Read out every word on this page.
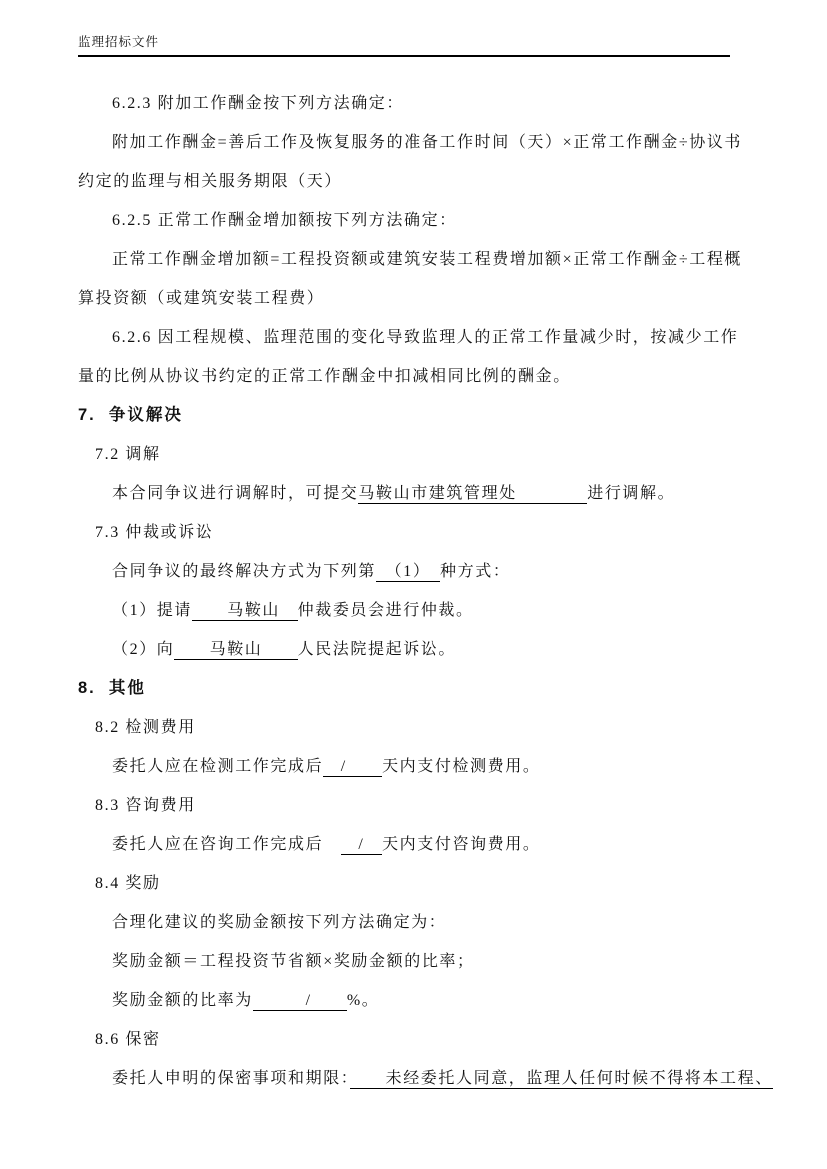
监理招标文件
6.2.3 附加工作酬金按下列方法确定：
附加工作酬金=善后工作及恢复服务的准备工作时间（天）×正常工作酬金÷协议书
约定的监理与相关服务期限（天）
6.2.5 正常工作酬金增加额按下列方法确定：
正常工作酬金增加额=工程投资额或建筑安装工程费增加额×正常工作酬金÷工程概
算投资额（或建筑安装工程费）
6.2.6 因工程规模、监理范围的变化导致监理人的正常工作量减少时，按减少工作
量的比例从协议书约定的正常工作酬金中扣减相同比例的酬金。
7.  争议解决
7.2 调解
本合同争议进行调解时，可提交马鞍山市建筑管理处　　　　进行调解。
7.3 仲裁或诉讼
合同争议的最终解决方式为下列第　（1）　种方式：
（1）提请　　马鞍山　仲裁委员会进行仲裁。
（2）向　　马鞍山　　人民法院提起诉讼。
8.  其他
8.2 检测费用
委托人应在检测工作完成后　/　　天内支付检测费用。
8.3 咨询费用
委托人应在咨询工作完成后　　/　天内支付咨询费用。
8.4 奖励
合理化建议的奖励金额按下列方法确定为：
奖励金额＝工程投资节省额×奖励金额的比率；
奖励金额的比率为　　　/　　%。
8.6 保密
委托人申明的保密事项和期限：　　未经委托人同意，监理人任何时候不得将本工程、
